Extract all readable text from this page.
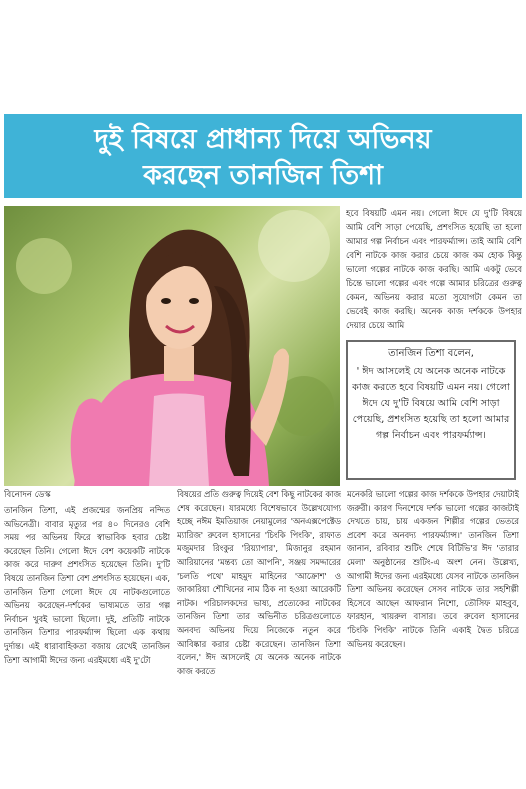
দুই বিষয়ে প্রাধান্য দিয়ে অভিনয়
করছেন তানজিন তিশা
হবে বিষয়টি এমন নয়। গেলো ঈদে যে দু'টি বিষয়ে আমি বেশি সাড়া পেয়েছি, প্রশংসিত হয়েছি তা হলো আমার গল্প নির্বাচন এবং পারফর্ম্যান্স। তাই আমি বেশি বেশি নাটকে কাজ করার চেয়ে কাজ কম হোক কিন্তু ভালো গল্পের নাটকে কাজ করছি। আমি একটু ভেবে চিন্তে ভালো গল্পের এবং গল্পে আমার চরিত্রের গুরুত্ব কেমন, অভিনয় করার মতো সুযোগটা কেমন তা ভেবেই কাজ করছি। অনেক কাজ দর্শককে উপহার দেয়ার চেয়ে আমি
তানজিন তিশা বলেন,
' ঈদ আসলেই যে অনেক অনেক নাটকে কাজ করতে হবে বিষয়টি এমন নয়। গেলো ঈদে যে দু'টি বিষয়ে আমি বেশি সাড়া পেয়েছি, প্রশংসিত হয়েছি তা হলো আমার গল্প নির্বাচন এবং পারফর্ম্যান্স।
বিনোদন ডেস্ক

তানজিন তিশা, এই প্রজন্মের জনপ্রিয় নন্দিত অভিনেত্রী। বাবার মৃত্যুর পর ৪০ দিনেরও বেশি সময় পর অভিনয় ফিরে স্বাভাবিক হবার চেষ্টা করেছেন তিনি। গেলো ঈদে বেশ কয়েকটি নাটকে কাজ করে দারুণ প্রশংসিত হয়েছেন তিনি। দু'টি বিষয়ে তানজিন তিশা বেশ প্রশংসিত হয়েছেন। এক, তানজিন তিশা গেলো ঈদে যে নাটকগুলোতে অভিনয় করেছেন-দর্শকের ভাষ্যমতে তার গল্প নির্বাচন খুবই ভালো ছিলো। দুই, প্রতিটি নাটকে তানজিন তিশার পারফর্ম্যান্স ছিলো এক কথায় দুর্দান্ত। এই ধারাবাহিকতা বজায় রেখেই তানজিন তিশা আগামী ঈদের জন্য এরইমধ্যে এই দু'টো

বিষয়ের প্রতি গুরুত্ব দিয়েই বেশ কিছু নাটকের কাজ শেষ করেছেন। যারমধ্যে বিশেষভাবে উল্লেখযোগ্য হচ্ছে নঈম ইমতিয়াজ নেয়ামুলের 'অনএক্সপেক্টেড ম্যারিজ' রুবেল হাসানের 'চিংকি পিংকি', রাফাত মজুমদার রিংকুর 'রিয়্যাপার', মিজানুর রহমান আরিয়ানের 'মন্তব্য তো আপনি', সঞ্জয় সমদ্দারের 'চলতি পথে' মাহমুদ মাহিনের 'আক্রোশ' ও জাকারিয়া শৌখিনের নাম ঠিক না হওয়া আরেকটি নাটক। পরিচালকদের ভাষ্য, প্রত্যেকের নাটকের তানজিন তিশা তার অভিনীত চরিত্রগুলোতে অনবদ্য অভিনয় দিয়ে নিজেকে নতুন করে আবিষ্কার করার চেষ্টা করেছেন। তানজিন তিশা বলেন,' ঈদ আসলেই যে অনেক অনেক নাটকে কাজ করতে

মনেকরি ভালো গল্পের কাজ দর্শককে উপহার দেয়াটাই জরুরী। কারণ দিনশেষে দর্শক ভালো গল্পের কাজটাই দেখতে চায়, চায় একজন শিল্পীর গল্পের ভেতরে প্রবেশ করে অনবদ্য পারফর্ম্যান্স।' তানজিন তিশা জানান, রবিবার শুটিং শেষে বিটিভি'র ঈদ 'তারার মেলা' অনুষ্ঠানের শুটিং-এ অংশ নেন। উল্লেখ্য, আগামী ঈদের জন্য এরইমধ্যে যেসব নাটকে তানজিন তিশা অভিনয় করেছেন সেসব নাটকে তার সহশিল্পী হিসেবে আছেন আফরান নিশো, তৌসিফ মাহবুব, ফারহান, খায়রুল বাসার। তবে রুবেল হাসানের 'চিংকি পিংকি' নাটকে তিনি একাই দ্বৈত চরিত্রে অভিনয় করেছেন।
